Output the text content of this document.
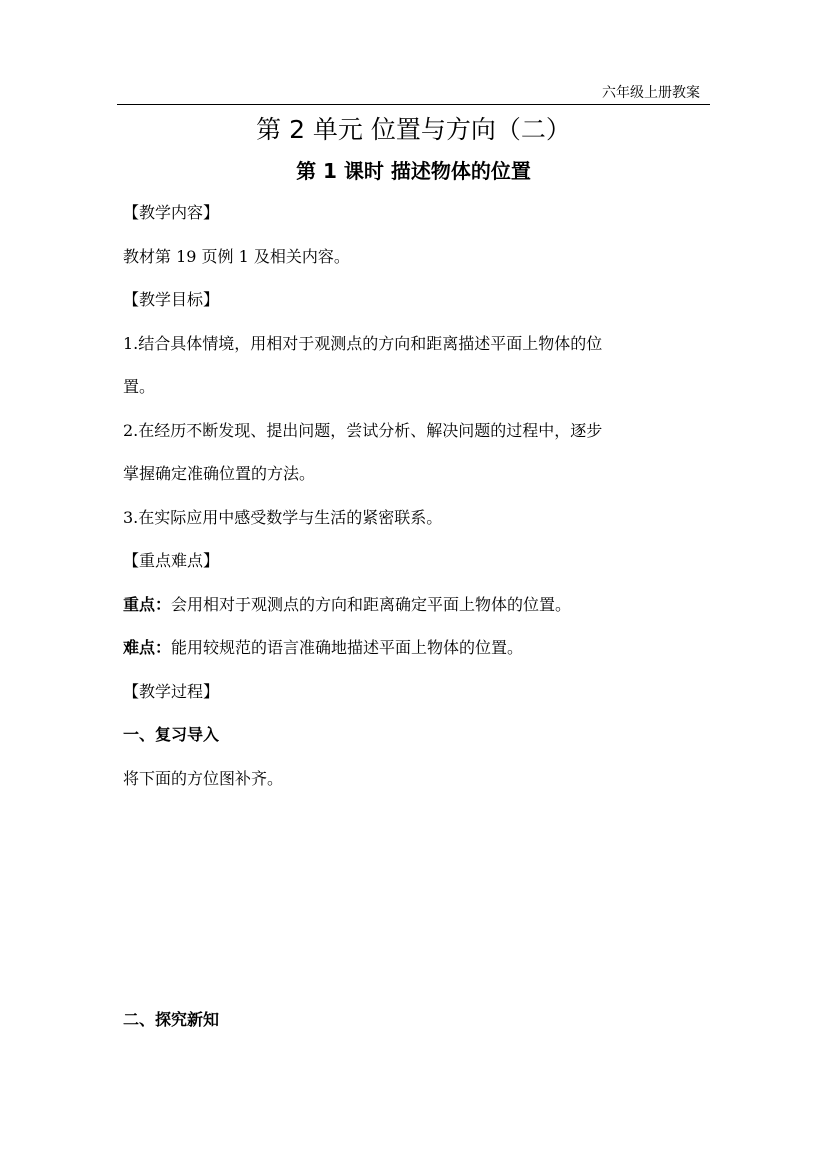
六年级上册教案
第 2 单元 位置与方向（二）
第 1 课时 描述物体的位置
【教学内容】
教材第 19 页例 1 及相关内容。
【教学目标】
1.结合具体情境，用相对于观测点的方向和距离描述平面上物体的位
置。
2.在经历不断发现、提出问题，尝试分析、解决问题的过程中，逐步
掌握确定准确位置的方法。
3.在实际应用中感受数学与生活的紧密联系。
【重点难点】
重点：会用相对于观测点的方向和距离确定平面上物体的位置。
难点：能用较规范的语言准确地描述平面上物体的位置。
【教学过程】
一、复习导入
将下面的方位图补齐。
二、探究新知
